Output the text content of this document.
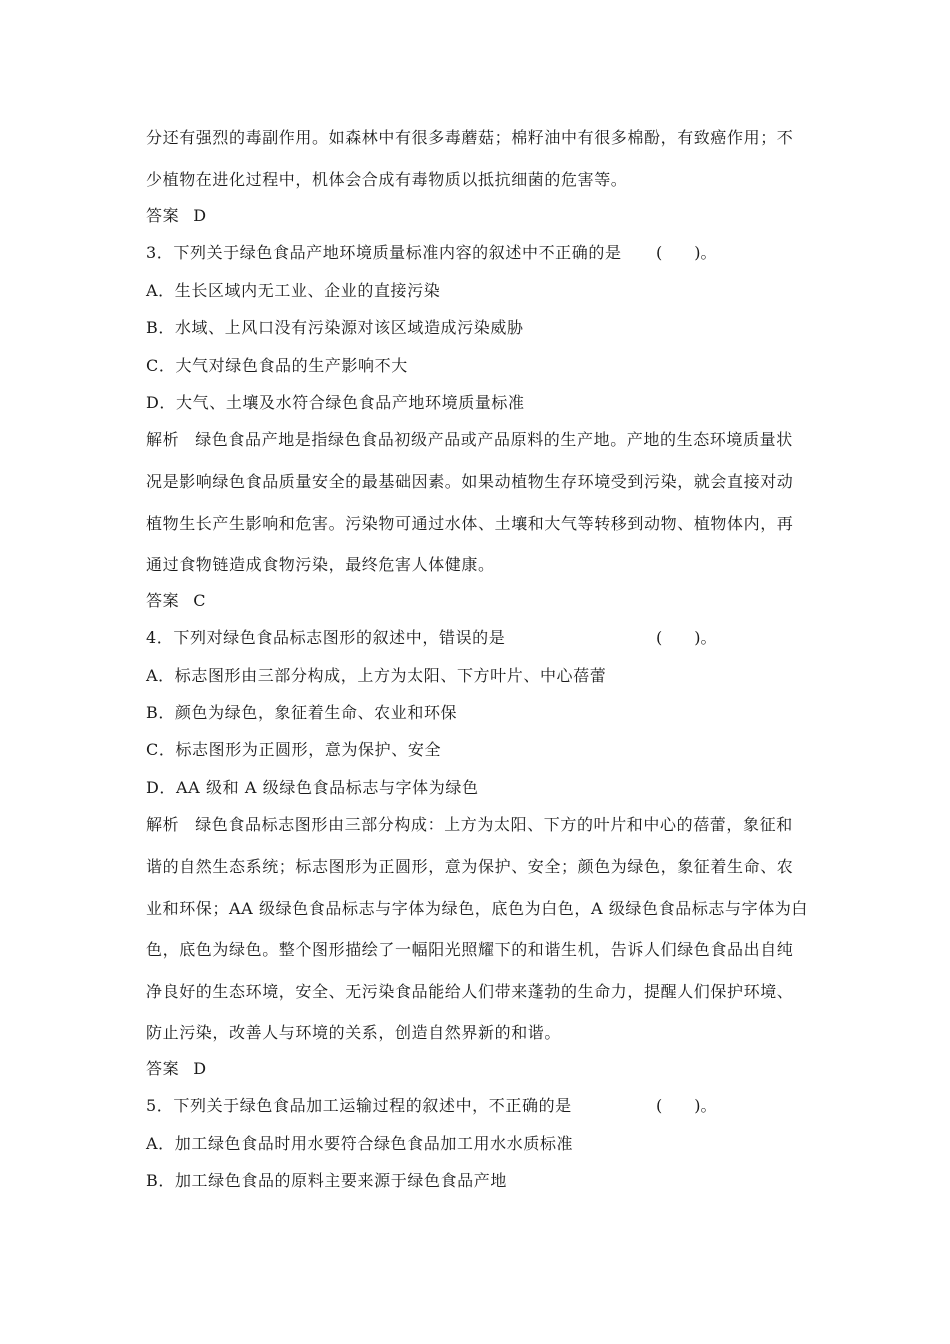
分还有强烈的毒副作用。如森林中有很多毒蘑菇；棉籽油中有很多棉酚，有致癌作用；不
少植物在进化过程中，机体会合成有毒物质以抵抗细菌的危害等。
答案 D
3．下列关于绿色食品产地环境质量标准内容的叙述中不正确的是 (　　)。
A．生长区域内无工业、企业的直接污染
B．水域、上风口没有污染源对该区域造成污染威胁
C．大气对绿色食品的生产影响不大
D．大气、土壤及水符合绿色食品产地环境质量标准
解析 绿色食品产地是指绿色食品初级产品或产品原料的生产地。产地的生态环境质量状
况是影响绿色食品质量安全的最基础因素。如果动植物生存环境受到污染，就会直接对动
植物生长产生影响和危害。污染物可通过水体、土壤和大气等转移到动物、植物体内，再
通过食物链造成食物污染，最终危害人体健康。
答案 C
4．下列对绿色食品标志图形的叙述中，错误的是	(　　)。
A．标志图形由三部分构成，上方为太阳、下方叶片、中心蓓蕾
B．颜色为绿色，象征着生命、农业和环保
C．标志图形为正圆形，意为保护、安全
D．AA 级和 A 级绿色食品标志与字体为绿色
解析 绿色食品标志图形由三部分构成：上方为太阳、下方的叶片和中心的蓓蕾，象征和
谐的自然生态系统；标志图形为正圆形，意为保护、安全；颜色为绿色，象征着生命、农
业和环保；AA 级绿色食品标志与字体为绿色，底色为白色，A 级绿色食品标志与字体为白
色，底色为绿色。整个图形描绘了一幅阳光照耀下的和谐生机，告诉人们绿色食品出自纯
净良好的生态环境，安全、无污染食品能给人们带来蓬勃的生命力，提醒人们保护环境、
防止污染，改善人与环境的关系，创造自然界新的和谐。
答案 D
5．下列关于绿色食品加工运输过程的叙述中，不正确的是	(　　)。
A．加工绿色食品时用水要符合绿色食品加工用水水质标准
B．加工绿色食品的原料主要来源于绿色食品产地
